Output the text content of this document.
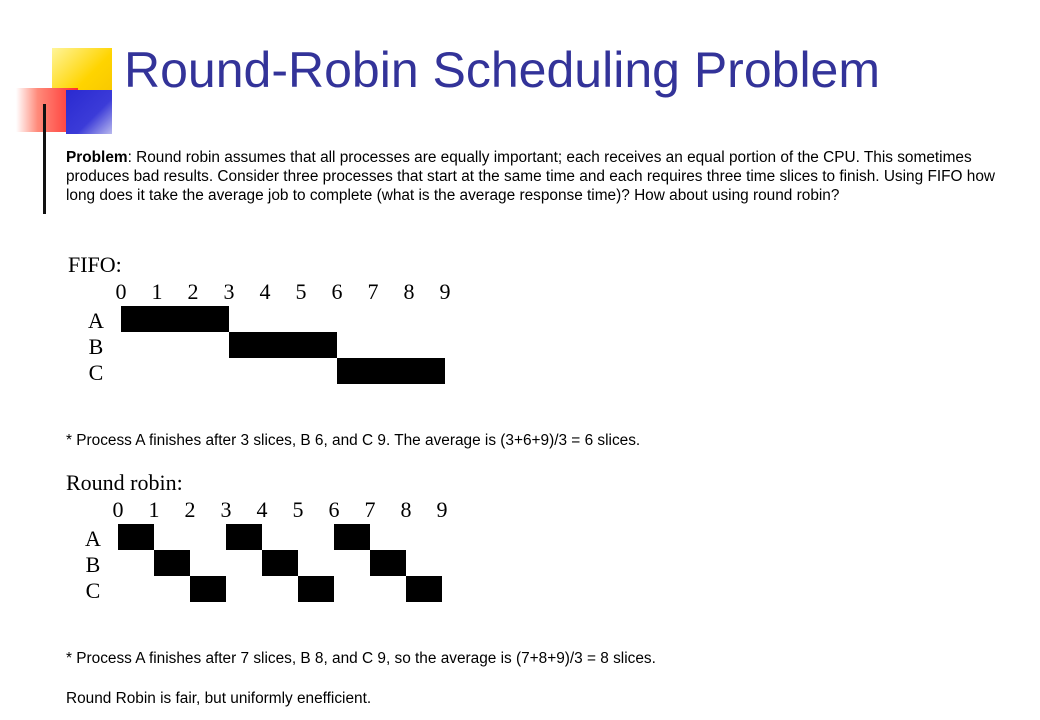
Round-Robin Scheduling Problem

Problem: Round robin assumes that all processes are equally important; each receives an equal portion of the CPU. This sometimes produces bad results. Consider three processes that start at the same time and each requires three time slices to finish. Using FIFO how long does it take the average job to complete (what is the average response time)? How about using round robin?

FIFO:
0 1 2 3 4 5 6 7 8 9
A
B
C

* Process A finishes after 3 slices, B 6, and C 9. The average is (3+6+9)/3 = 6 slices.

Round robin:
0 1 2 3 4 5 6 7 8 9
A
B
C

* Process A finishes after 7 slices, B 8, and C 9, so the average is (7+8+9)/3 = 8 slices.

Round Robin is fair, but uniformly enefficient.
